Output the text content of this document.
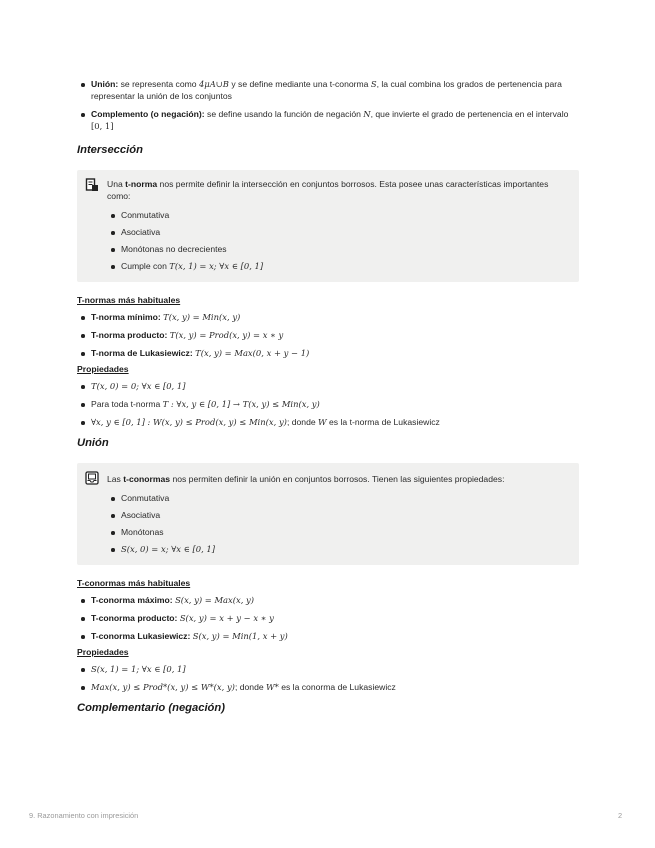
Unión: se representa como 4μA∪B y se define mediante una t-conorma S, la cual combina los grados de pertenencia para representar la unión de los conjuntos
Complemento (o negación): se define usando la función de negación N, que invierte el grado de pertenencia en el intervalo [0, 1]
Intersección
Una t-norma nos permite definir la intersección en conjuntos borrosos. Esta posee unas características importantes como:
Conmutativa
Asociativa
Monótonas no decrecientes
Cumple con T(x, 1) = x; ∀x ∈ [0, 1]
T-normas más habituales
T-norma mínimo: T(x, y) = Min(x, y)
T-norma producto: T(x, y) = Prod(x, y) = x ∗ y
T-norma de Lukasiewicz: T(x, y) = Max(0, x + y − 1)
Propiedades
T(x, 0) = 0; ∀x ∈ [0, 1]
Para toda t-norma T : ∀x, y ∈ [0, 1] → T(x, y) ≤ Min(x, y)
∀x, y ∈ [0, 1] : W(x, y) ≤ Prod(x, y) ≤ Min(x, y); donde W es la t-norma de Lukasiewicz
Unión
Las t-conormas nos permiten definir la unión en conjuntos borrosos. Tienen las siguientes propiedades:
Conmutativa
Asociativa
Monótonas
S(x, 0) = x; ∀x ∈ [0, 1]
T-conormas más habituales
T-conorma máximo: S(x, y) = Max(x, y)
T-conorma producto: S(x, y) = x + y − x ∗ y
T-conorma Lukasiewicz: S(x, y) = Min(1, x + y)
Propiedades
S(x, 1) = 1; ∀x ∈ [0, 1]
Max(x, y) ≤ Prod*(x, y) ≤ W*(x, y); donde W* es la conorma de Lukasiewicz
Complementario (negación)
9. Razonamiento con impresición	2
